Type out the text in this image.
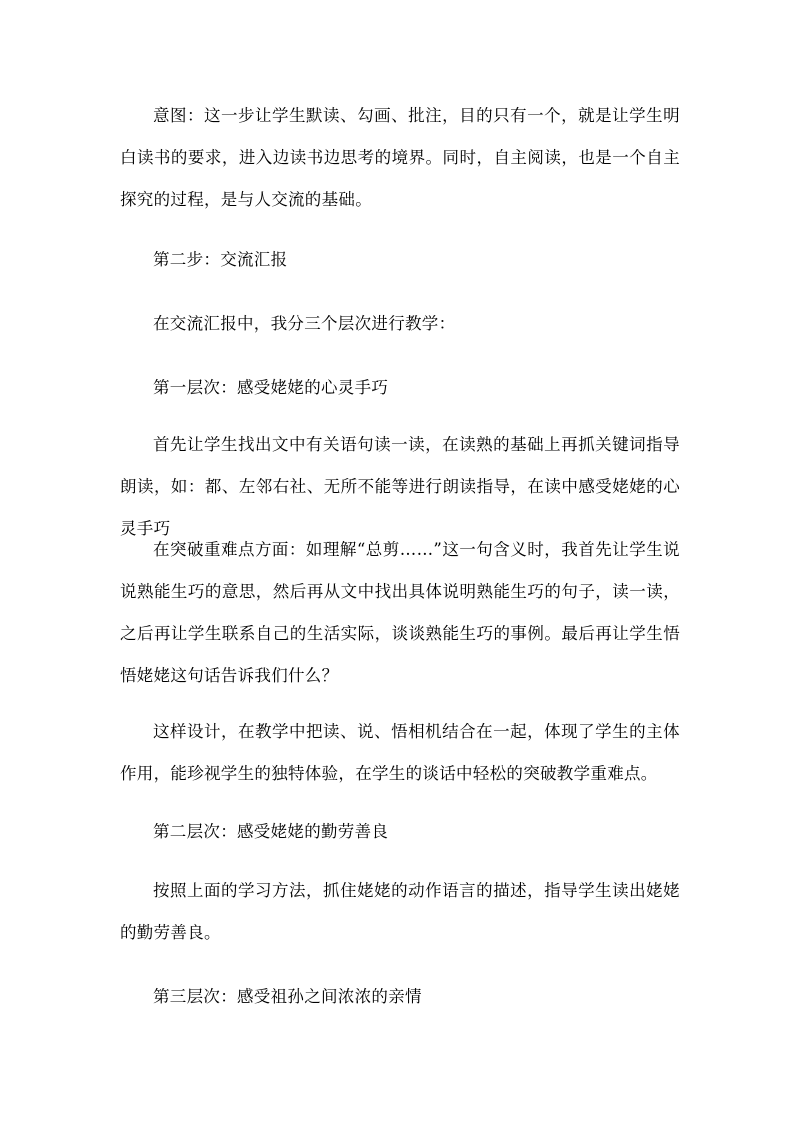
意图：这一步让学生默读、勾画、批注，目的只有一个，就是让学生明白读书的要求，进入边读书边思考的境界。同时，自主阅读，也是一个自主探究的过程，是与人交流的基础。

第二步：交流汇报

在交流汇报中，我分三个层次进行教学：

第一层次：感受姥姥的心灵手巧

首先让学生找出文中有关语句读一读，在读熟的基础上再抓关键词指导朗读，如：都、左邻右社、无所不能等进行朗读指导，在读中感受姥姥的心灵手巧

在突破重难点方面：如理解“总剪……”这一句含义时，我首先让学生说说熟能生巧的意思，然后再从文中找出具体说明熟能生巧的句子，读一读，之后再让学生联系自己的生活实际，谈谈熟能生巧的事例。最后再让学生悟悟姥姥这句话告诉我们什么？

这样设计，在教学中把读、说、悟相机结合在一起，体现了学生的主体作用，能珍视学生的独特体验，在学生的谈话中轻松的突破教学重难点。

第二层次：感受姥姥的勤劳善良

按照上面的学习方法，抓住姥姥的动作语言的描述，指导学生读出姥姥的勤劳善良。

第三层次：感受祖孙之间浓浓的亲情
